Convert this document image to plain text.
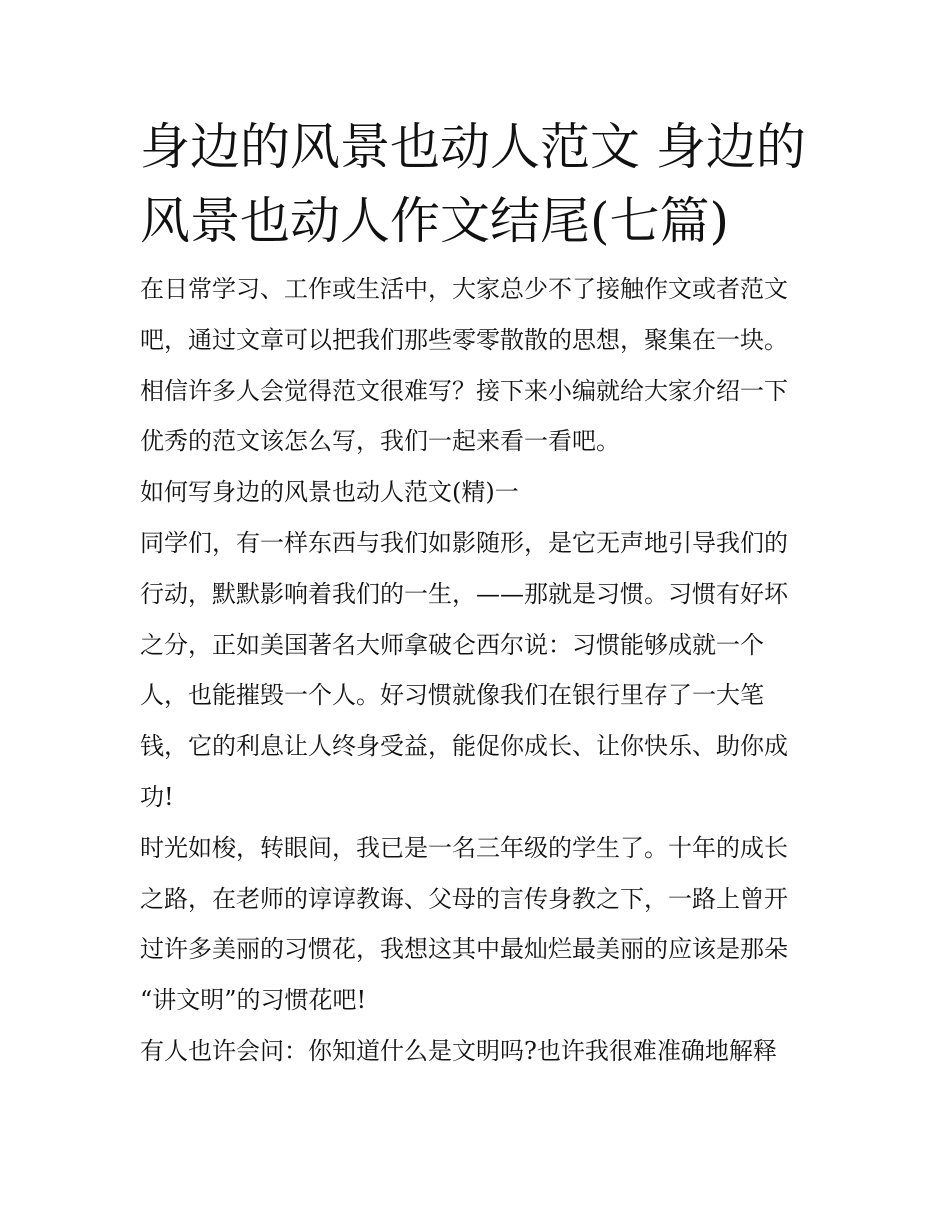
身边的风景也动人范文 身边的
风景也动人作文结尾(七篇)

在日常学习、工作或生活中，大家总少不了接触作文或者范文
吧，通过文章可以把我们那些零零散散的思想，聚集在一块。
相信许多人会觉得范文很难写？接下来小编就给大家介绍一下
优秀的范文该怎么写，我们一起来看一看吧。

如何写身边的风景也动人范文(精)一

同学们，有一样东西与我们如影随形，是它无声地引导我们的
行动，默默影响着我们的一生，——那就是习惯。习惯有好坏
之分，正如美国著名大师拿破仑西尔说：习惯能够成就一个
人，也能摧毁一个人。好习惯就像我们在银行里存了一大笔
钱，它的利息让人终身受益，能促你成长、让你快乐、助你成
功!

时光如梭，转眼间，我已是一名三年级的学生了。十年的成长
之路，在老师的谆谆教诲、父母的言传身教之下，一路上曾开
过许多美丽的习惯花，我想这其中最灿烂最美丽的应该是那朵
“讲文明”的习惯花吧!

有人也许会问：你知道什么是文明吗?也许我很难准确地解释
